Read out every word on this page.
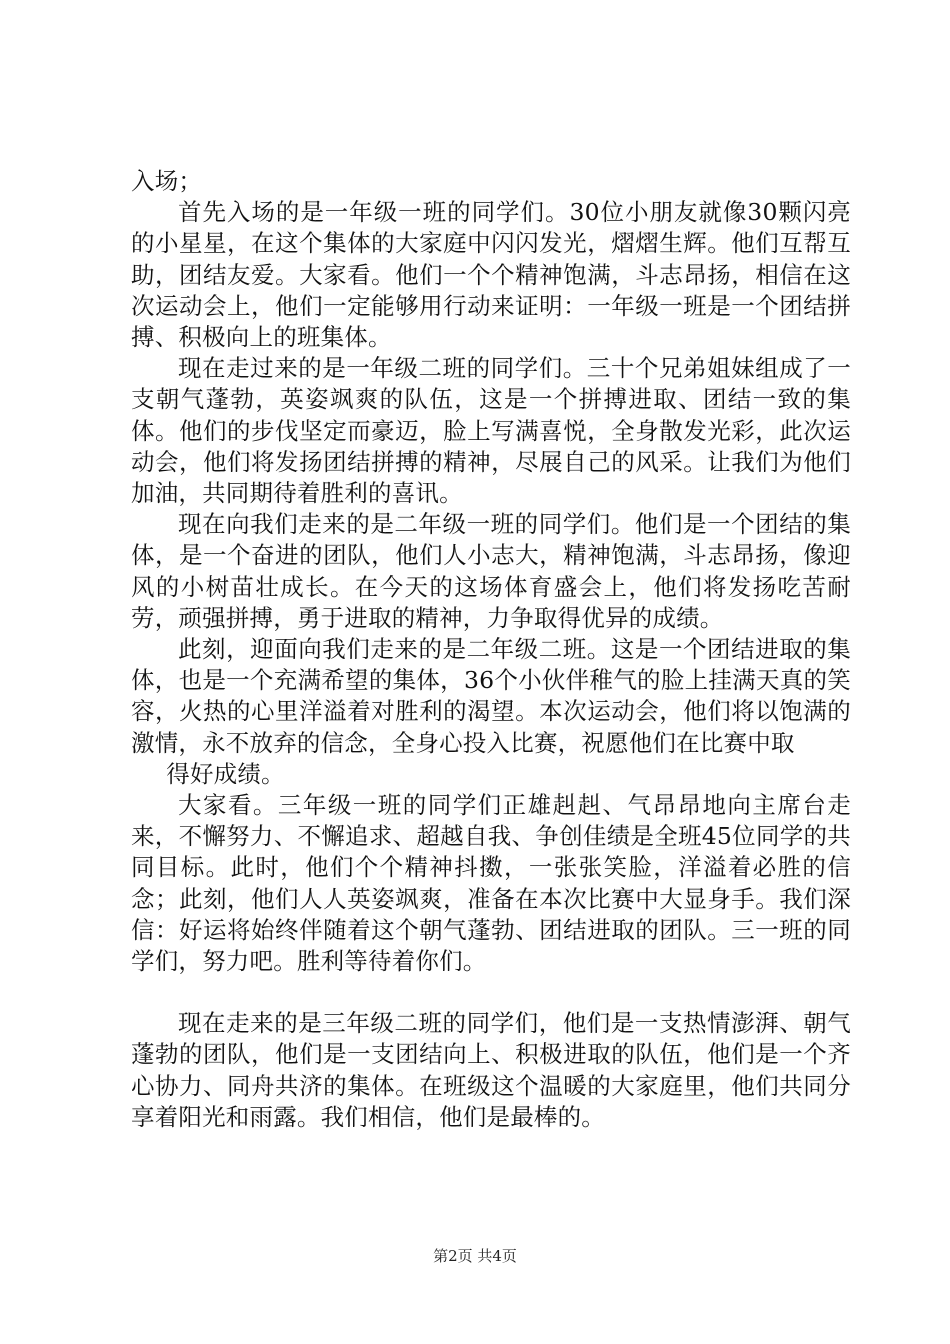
入场；

首先入场的是一年级一班的同学们。30位小朋友就像30颗闪亮的小星星，在这个集体的大家庭中闪闪发光，熠熠生辉。他们互帮互助，团结友爱。大家看。他们一个个精神饱满，斗志昂扬，相信在这次运动会上，他们一定能够用行动来证明：一年级一班是一个团结拼搏、积极向上的班集体。

现在走过来的是一年级二班的同学们。三十个兄弟姐妹组成了一支朝气蓬勃，英姿飒爽的队伍，这是一个拼搏进取、团结一致的集体。他们的步伐坚定而豪迈，脸上写满喜悦，全身散发光彩，此次运动会，他们将发扬团结拼搏的精神，尽展自己的风采。让我们为他们加油，共同期待着胜利的喜讯。

现在向我们走来的是二年级一班的同学们。他们是一个团结的集体，是一个奋进的团队，他们人小志大，精神饱满，斗志昂扬，像迎风的小树苗壮成长。在今天的这场体育盛会上，他们将发扬吃苦耐劳，顽强拼搏，勇于进取的精神，力争取得优异的成绩。

此刻，迎面向我们走来的是二年级二班。这是一个团结进取的集体，也是一个充满希望的集体，36个小伙伴稚气的脸上挂满天真的笑容，火热的心里洋溢着对胜利的渴望。本次运动会，他们将以饱满的激情，永不放弃的信念，全身心投入比赛，祝愿他们在比赛中取

得好成绩。

大家看。三年级一班的同学们正雄赳赳、气昂昂地向主席台走来，不懈努力、不懈追求、超越自我、争创佳绩是全班45位同学的共同目标。此时，他们个个精神抖擞，一张张笑脸，洋溢着必胜的信念；此刻，他们人人英姿飒爽，准备在本次比赛中大显身手。我们深信：好运将始终伴随着这个朝气蓬勃、团结进取的团队。三一班的同学们，努力吧。胜利等待着你们。

现在走来的是三年级二班的同学们，他们是一支热情澎湃、朝气蓬勃的团队，他们是一支团结向上、积极进取的队伍，他们是一个齐心协力、同舟共济的集体。在班级这个温暖的大家庭里，他们共同分享着阳光和雨露。我们相信，他们是最棒的。

第2页 共4页
